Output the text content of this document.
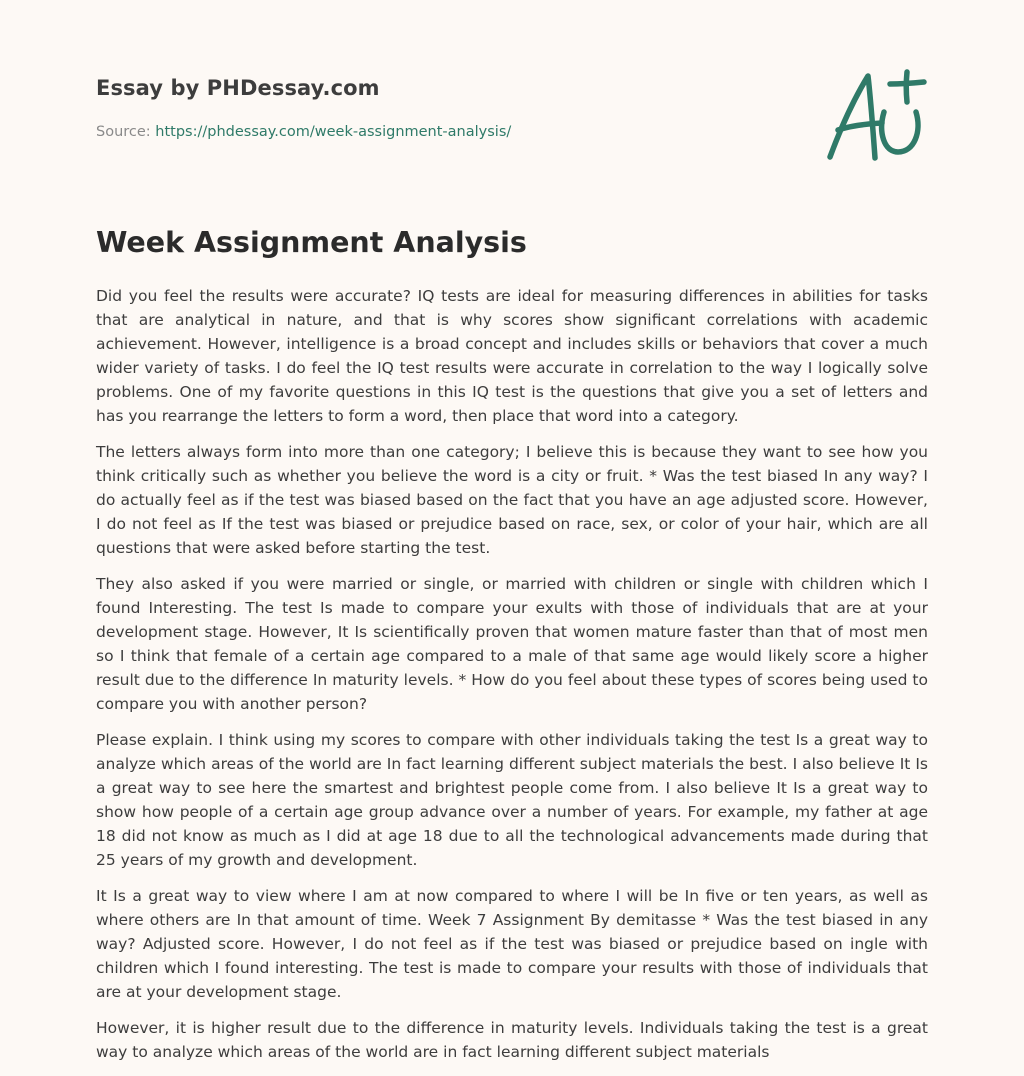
Essay by PHDessay.com
Source: https://phdessay.com/week-assignment-analysis/
Week Assignment Analysis

Did you feel the results were accurate? IQ tests are ideal for measuring differences in abilities for tasks that are analytical in nature, and that is why scores show significant correlations with academic achievement. However, intelligence is a broad concept and includes skills or behaviors that cover a much wider variety of tasks. I do feel the IQ test results were accurate in correlation to the way I logically solve problems. One of my favorite questions in this IQ test is the questions that give you a set of letters and has you rearrange the letters to form a word, then place that word into a category.

The letters always form into more than one category; I believe this is because they want to see how you think critically such as whether you believe the word is a city or fruit. * Was the test biased In any way? I do actually feel as if the test was biased based on the fact that you have an age adjusted score. However, I do not feel as If the test was biased or prejudice based on race, sex, or color of your hair, which are all questions that were asked before starting the test.

They also asked if you were married or single, or married with children or single with children which I found Interesting. The test Is made to compare your exults with those of individuals that are at your development stage. However, It Is scientifically proven that women mature faster than that of most men so I think that female of a certain age compared to a male of that same age would likely score a higher result due to the difference In maturity levels. * How do you feel about these types of scores being used to compare you with another person?

Please explain. I think using my scores to compare with other individuals taking the test Is a great way to analyze which areas of the world are In fact learning different subject materials the best. I also believe It Is a great way to see here the smartest and brightest people come from. I also believe It Is a great way to show how people of a certain age group advance over a number of years. For example, my father at age 18 did not know as much as I did at age 18 due to all the technological advancements made during that 25 years of my growth and development.

It Is a great way to view where I am at now compared to where I will be In five or ten years, as well as where others are In that amount of time. Week 7 Assignment By demitasse * Was the test biased in any way? Adjusted score. However, I do not feel as if the test was biased or prejudice based on ingle with children which I found interesting. The test is made to compare your results with those of individuals that are at your development stage.

However, it is higher result due to the difference in maturity levels. Individuals taking the test is a great way to analyze which areas of the world are in fact learning different subject materials
